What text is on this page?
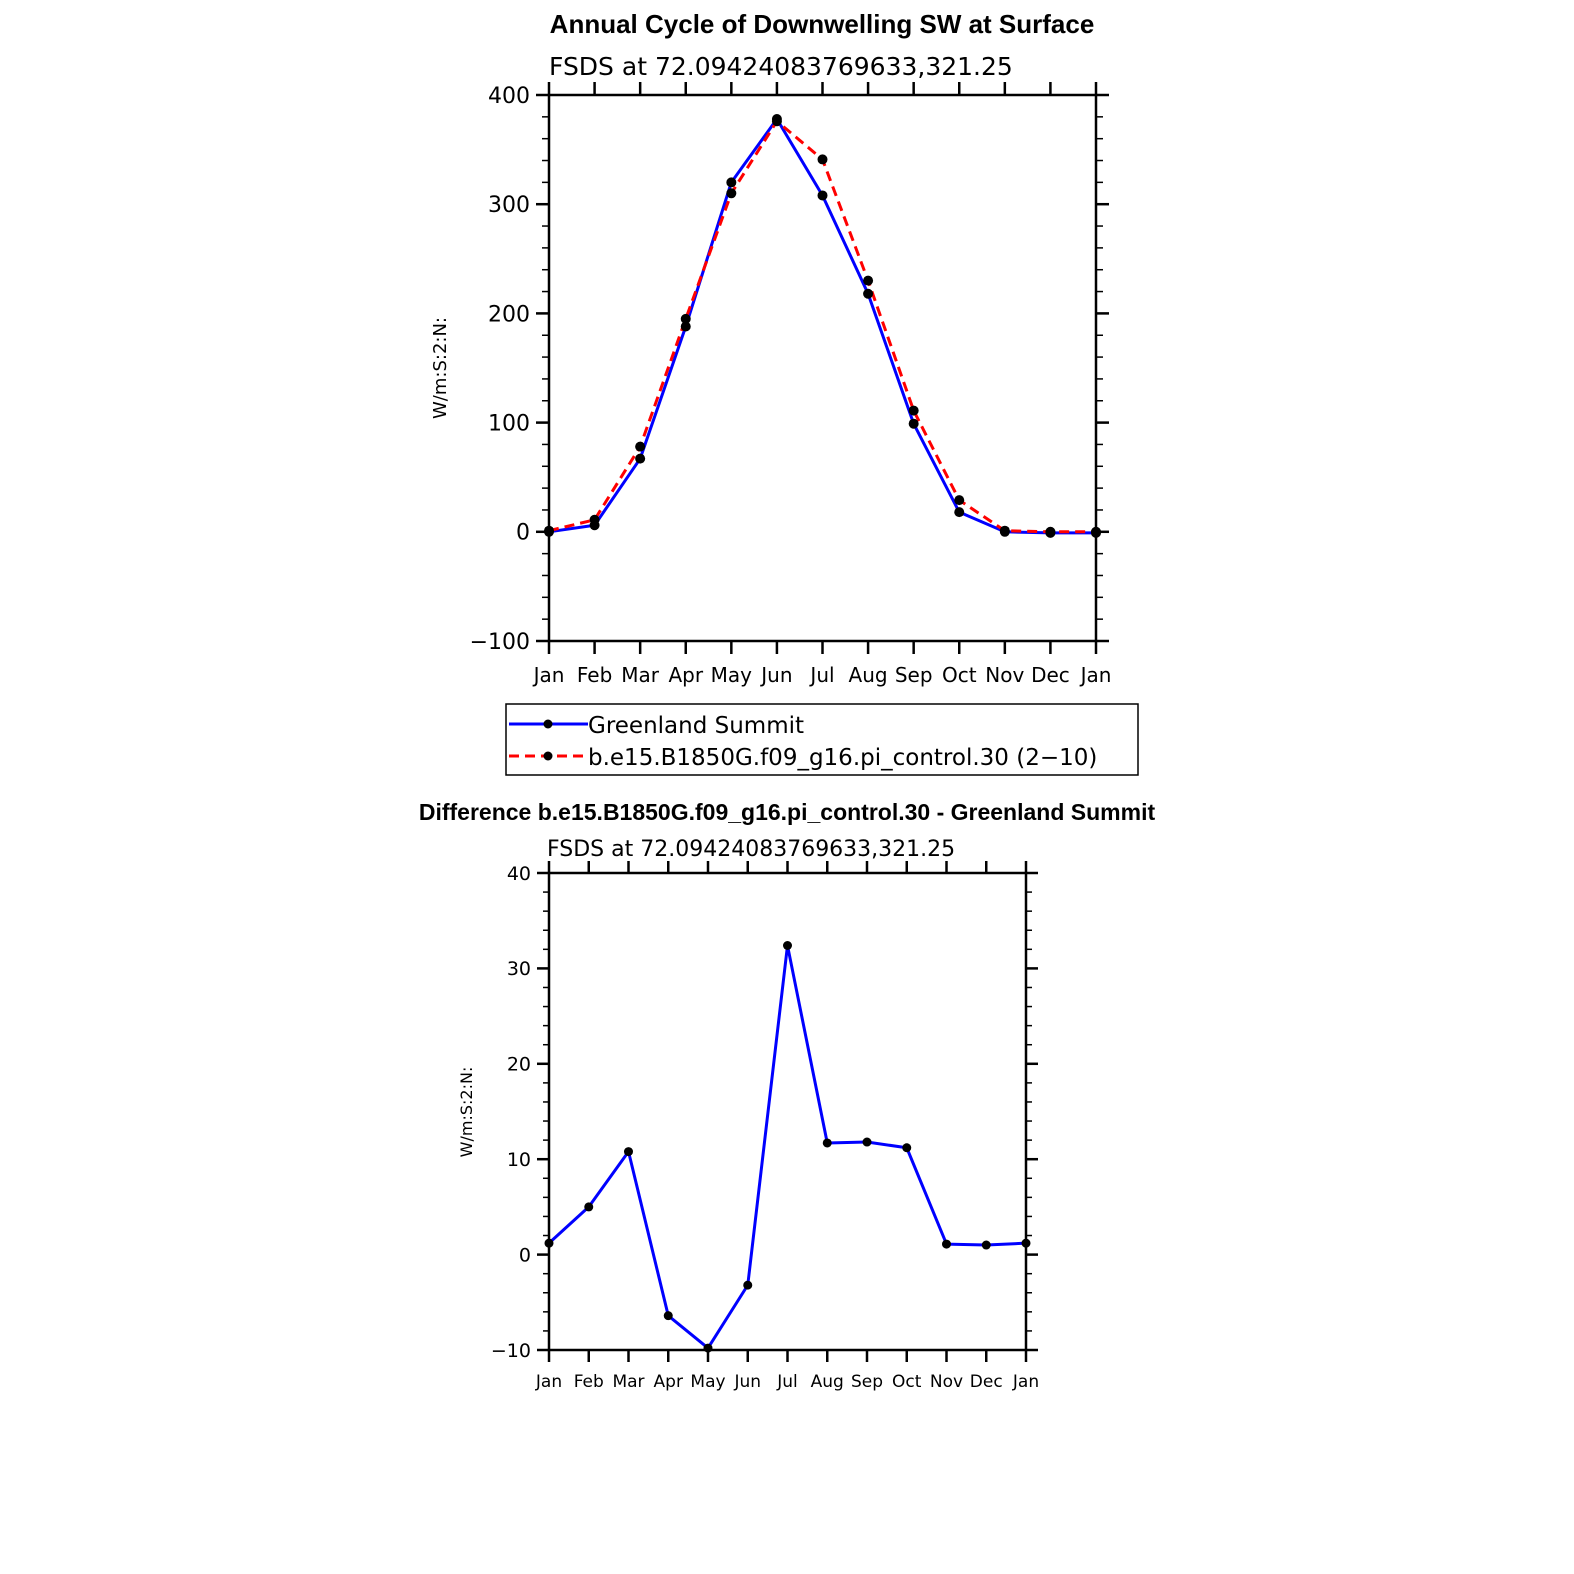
Annual Cycle of Downwelling SW at Surface
FSDS at 72.09424083769633,321.25
W/m:S:2:N:
−100
0
100
200
300
400
Jan Feb Mar Apr May Jun Jul Aug Sep Oct Nov Dec Jan
Greenland Summit
b.e15.B1850G.f09_g16.pi_control.30 (2−10)
Difference b.e15.B1850G.f09_g16.pi_control.30 - Greenland Summit
FSDS at 72.09424083769633,321.25
W/m:S:2:N:
−10
0
10
20
30
40
Jan Feb Mar Apr May Jun Jul Aug Sep Oct Nov Dec Jan
